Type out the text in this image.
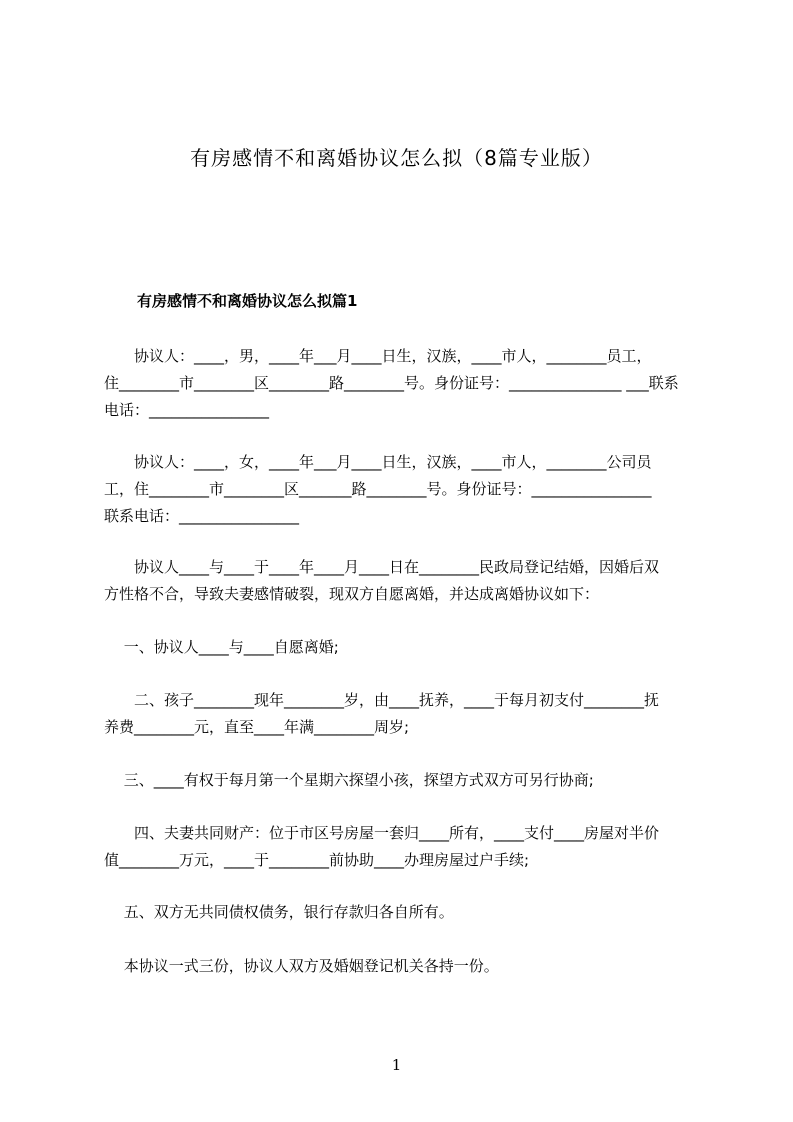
有房感情不和离婚协议怎么拟（8篇专业版）
有房感情不和离婚协议怎么拟篇1

　　协议人：____，男，____年___月____日生，汉族，____市人，________员工，
住________市________区________路________号。身份证号：_______________ ___联系
电话：________________

　　协议人：____，女，____年___月____日生，汉族，____市人，________公司员
工，住________市________区_______路________号。身份证号：________________
联系电话：________________

　　协议人____与____于____年____月____日在________民政局登记结婚，因婚后双
方性格不合，导致夫妻感情破裂，现双方自愿离婚，并达成离婚协议如下：

　 一、协议人____与____自愿离婚;

　　二、孩子________现年________岁，由____抚养，____于每月初支付________抚
养费________元，直至____年满________周岁;

　 三、____有权于每月第一个星期六探望小孩，探望方式双方可另行协商;

　　四、夫妻共同财产：位于市区号房屋一套归____所有，____支付____房屋对半价
值________万元，____于________前协助____办理房屋过户手续;

　 五、双方无共同债权债务，银行存款归各自所有。

　 本协议一式三份，协议人双方及婚姻登记机关各持一份。

1
